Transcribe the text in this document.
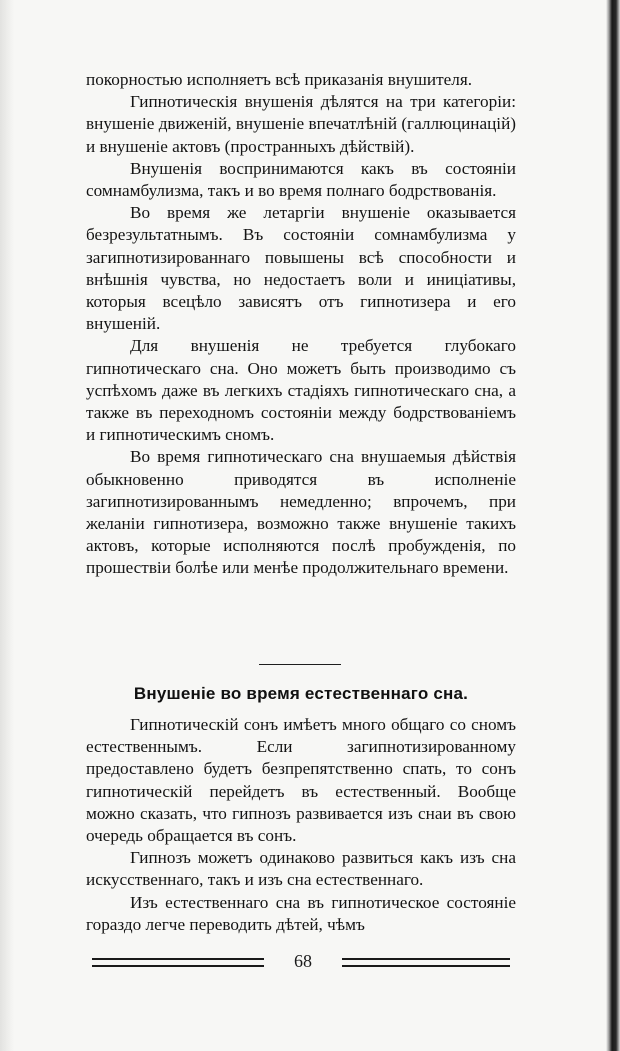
покорностью исполняетъ всѣ приказанія внушителя.

Гипнотическія внушенія дѣлятся на три категоріи: внушеніе движеній, внушеніе впечатлѣній (галлюцинацій) и внушеніе актовъ (пространныхъ дѣйствій).

Внушенія воспринимаются какъ въ состояніи сомнамбулизма, такъ и во время полнаго бодрствованія.

Во время же летаргіи внушеніе оказывается безрезультатнымъ. Въ состояніи сомнамбулизма у загипнотизированнаго повышены всѣ способности и внѣшнія чувства, но недостаетъ воли и иниціативы, которыя всецѣло зависятъ отъ гипнотизера и его внушеній.

Для внушенія не требуется глубокаго гипнотическаго сна. Оно можетъ быть производимо съ успѣхомъ даже въ легкихъ стадіяхъ гипнотическаго сна, а также въ переходномъ состояніи между бодрствованіемъ и гипнотическимъ сномъ.

Во время гипнотическаго сна внушаемыя дѣйствія обыкновенно приводятся въ исполненіе загипнотизированнымъ немедленно; впрочемъ, при желаніи гипнотизера, возможно также внушеніе такихъ актовъ, которые исполняются послѣ пробужденія, по прошествіи болѣе или менѣе продолжительнаго времени.

Внушеніе во время естественнаго сна.

Гипнотическій сонъ имѣетъ много общаго со сномъ естественнымъ. Если загипнотизированному предоставлено будетъ безпрепятственно спать, то сонъ гипнотическій перейдетъ въ естественный. Вообще можно сказать, что гипнозъ развивается изъ снаи въ свою очередь обращается въ сонъ.

Гипнозъ можетъ одинаково развиться какъ изъ сна искусственнаго, такъ и изъ сна естественнаго.

Изъ естественнаго сна въ гипнотическое состояніе гораздо легче переводить дѣтей, чѣмъ

68
